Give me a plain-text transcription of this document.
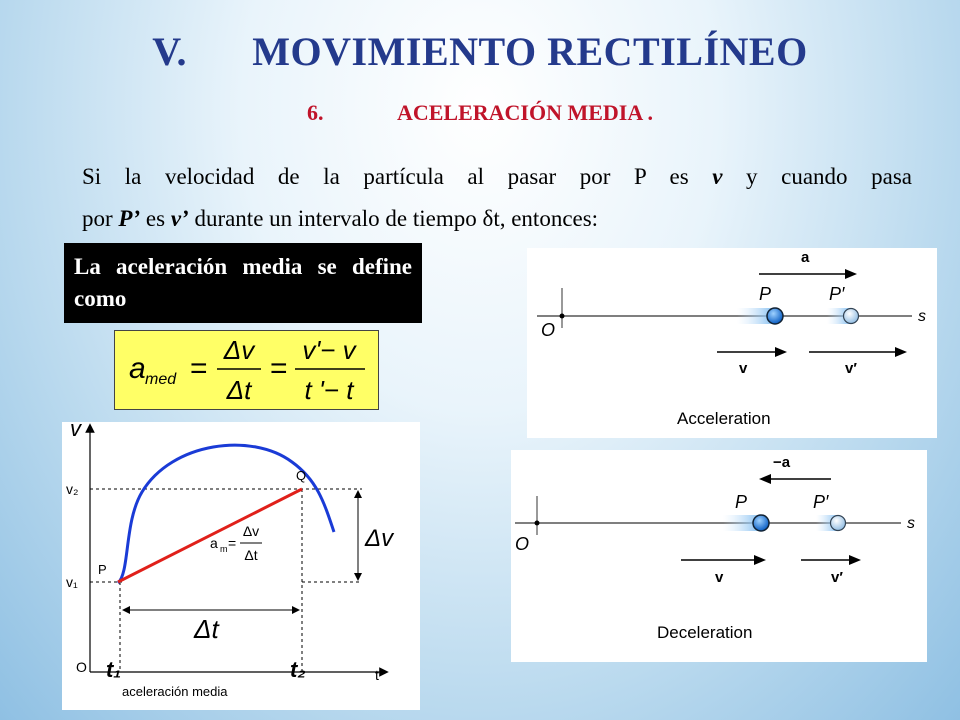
V. MOVIMIENTO RECTILÍNEO
6.	ACELERACIÓN MEDIA .
Si la velocidad de la partícula al pasar por P es v y cuando pasa
por P’ es v’ durante un intervalo de tiempo δt, entonces:
La aceleración media se define como
a med =
Δv
Δt
=
v'− v
t '− t
v
v₂
v₁
O	t
P
Q
Δv
Δt
a m =
Δv
Δt
t₁	t₂
aceleración media
a
P	P′
O
s
v	v′
Acceleration
−a
P	P′
O
s
v	v′
Deceleration
